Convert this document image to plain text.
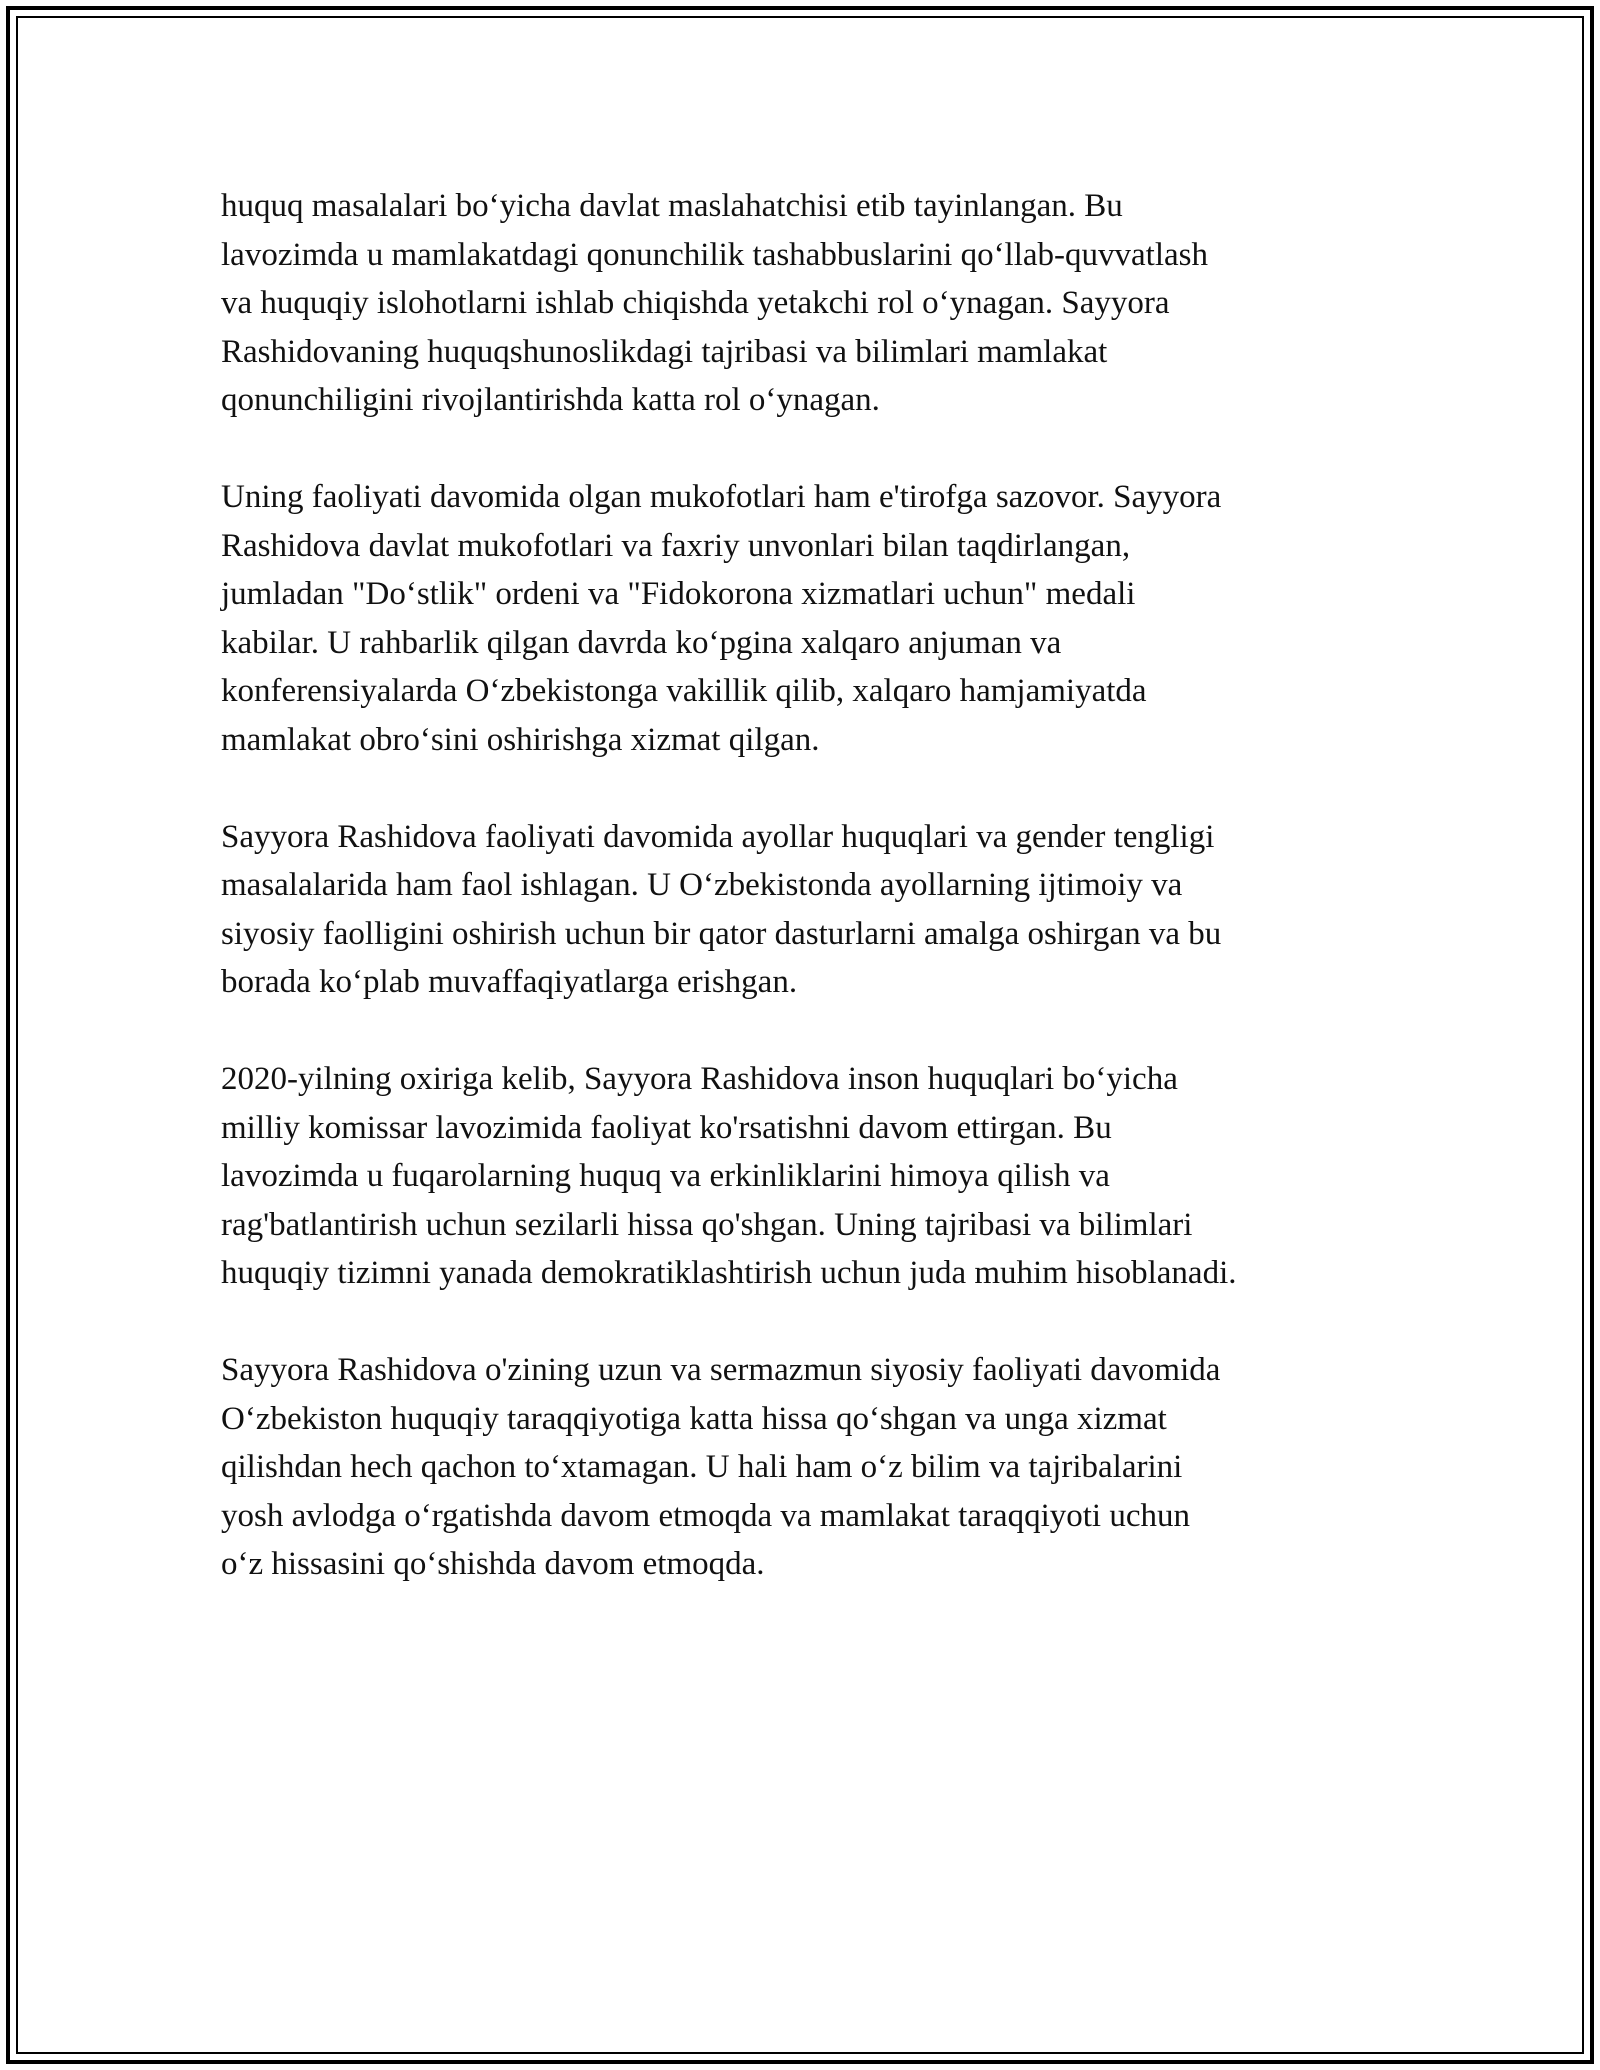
huquq masalalari bo‘yicha davlat maslahatchisi etib tayinlangan. Bu
lavozimda u mamlakatdagi qonunchilik tashabbuslarini qo‘llab-quvvatlash
va huquqiy islohotlarni ishlab chiqishda yetakchi rol o‘ynagan. Sayyora
Rashidovaning huquqshunoslikdagi tajribasi va bilimlari mamlakat
qonunchiligini rivojlantirishda katta rol o‘ynagan.

Uning faoliyati davomida olgan mukofotlari ham e'tirofga sazovor. Sayyora
Rashidova davlat mukofotlari va faxriy unvonlari bilan taqdirlangan,
jumladan "Do‘stlik" ordeni va "Fidokorona xizmatlari uchun" medali
kabilar. U rahbarlik qilgan davrda ko‘pgina xalqaro anjuman va
konferensiyalarda O‘zbekistonga vakillik qilib, xalqaro hamjamiyatda
mamlakat obro‘sini oshirishga xizmat qilgan.

Sayyora Rashidova faoliyati davomida ayollar huquqlari va gender tengligi
masalalarida ham faol ishlagan. U O‘zbekistonda ayollarning ijtimoiy va
siyosiy faolligini oshirish uchun bir qator dasturlarni amalga oshirgan va bu
borada ko‘plab muvaffaqiyatlarga erishgan.

2020-yilning oxiriga kelib, Sayyora Rashidova inson huquqlari bo‘yicha
milliy komissar lavozimida faoliyat ko'rsatishni davom ettirgan. Bu
lavozimda u fuqarolarning huquq va erkinliklarini himoya qilish va
rag'batlantirish uchun sezilarli hissa qo'shgan. Uning tajribasi va bilimlari
huquqiy tizimni yanada demokratiklashtirish uchun juda muhim hisoblanadi.

Sayyora Rashidova o'zining uzun va sermazmun siyosiy faoliyati davomida
O‘zbekiston huquqiy taraqqiyotiga katta hissa qo‘shgan va unga xizmat
qilishdan hech qachon to‘xtamagan. U hali ham o‘z bilim va tajribalarini
yosh avlodga o‘rgatishda davom etmoqda va mamlakat taraqqiyoti uchun
o‘z hissasini qo‘shishda davom etmoqda.
